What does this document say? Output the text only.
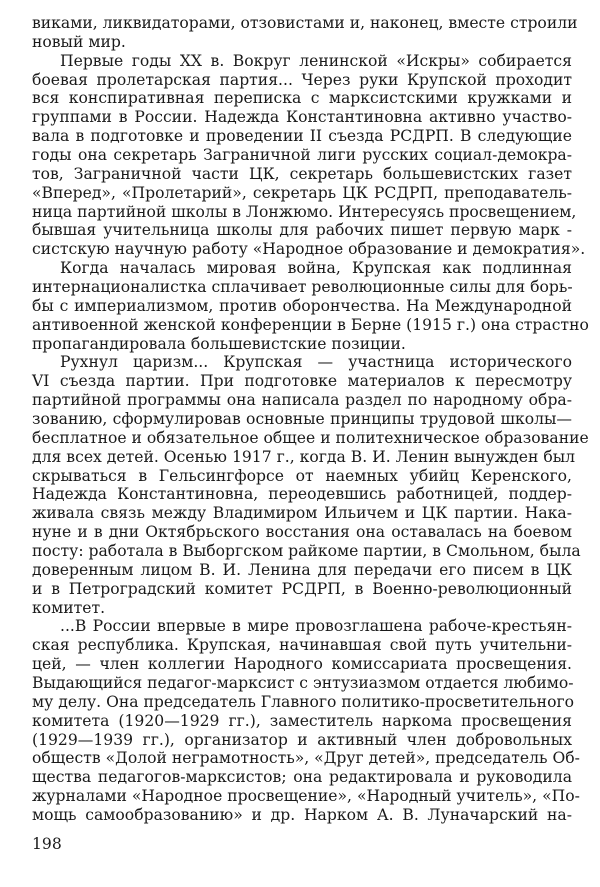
виками, ликвидаторами, отзовистами и, наконец, вместе строили
новый мир.
Первые годы XX в. Вокруг ленинской «Искры» собирается
боевая пролетарская партия... Через руки Крупской проходит
вся конспиративная переписка с марксистскими кружками и
группами в России. Надежда Константиновна активно участво-
вала в подготовке и проведении II съезда РСДРП. В следующие
годы она секретарь Заграничной лиги русских социал-демокра-
тов, Заграничной части ЦК, секретарь большевистских газет
«Вперед», «Пролетарий», секретарь ЦК РСДРП, преподаватель-
ница партийной школы в Лонжюмо. Интересуясь просвещением,
бывшая учительница школы для рабочих пишет первую марк -
систскую научную работу «Народное образование и демократия».
Когда началась мировая война, Крупская как подлинная
интернационалистка сплачивает революционные силы для борь-
бы с империализмом, против оборончества. На Международной
антивоенной женской конференции в Берне (1915 г.) она страстно
пропагандировала большевистские позиции.
Рухнул царизм... Крупская — участница исторического
VI съезда партии. При подготовке материалов к пересмотру
партийной программы она написала раздел по народному обра-
зованию, сформулировав основные принципы трудовой школы—
бесплатное и обязательное общее и политехническое образование
для всех детей. Осенью 1917 г., когда В. И. Ленин вынужден был
скрываться в Гельсингфорсе от наемных убийц Керенского,
Надежда Константиновна, переодевшись работницей, поддер-
живала связь между Владимиром Ильичем и ЦК партии. Нака-
нуне и в дни Октябрьского восстания она оставалась на боевом
посту: работала в Выборгском райкоме партии, в Смольном, была
доверенным лицом В. И. Ленина для передачи его писем в ЦК
и в Петроградский комитет РСДРП, в Военно-революционный
комитет.
...В России впервые в мире провозглашена рабоче-крестьян-
ская республика. Крупская, начинавшая свой путь учительни-
цей, — член коллегии Народного комиссариата просвещения.
Выдающийся педагог-марксист с энтузиазмом отдается любимо-
му делу. Она председатель Главного политико-просветительного
комитета (1920—1929 гг.), заместитель наркома просвещения
(1929—1939 гг.), организатор и активный член добровольных
обществ «Долой неграмотность», «Друг детей», председатель Об-
щества педагогов-марксистов; она редактировала и руководила
журналами «Народное просвещение», «Народный учитель», «По-
мощь самообразованию» и др. Нарком А. В. Луначарский на-
198
